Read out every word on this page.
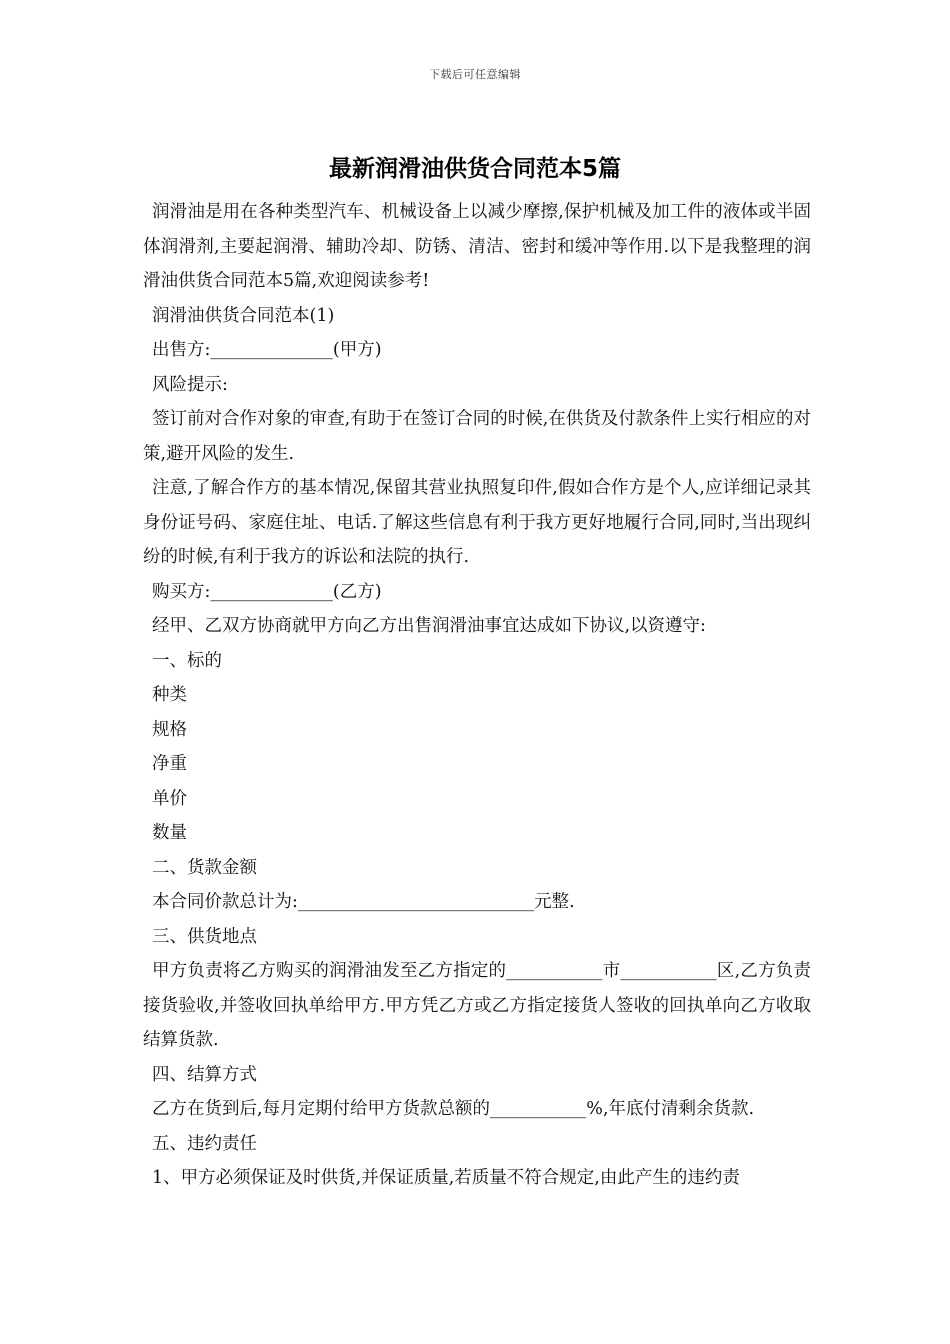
下载后可任意编辑
最新润滑油供货合同范本5篇

润滑油是用在各种类型汽车、机械设备上以减少摩擦,保护机械及加工件的液体或半固体润滑剂,主要起润滑、辅助冷却、防锈、清洁、密封和缓冲等作用.以下是我整理的润滑油供货合同范本5篇,欢迎阅读参考!

润滑油供货合同范本(1)

出售方:______________(甲方)

风险提示:

签订前对合作对象的审查,有助于在签订合同的时候,在供货及付款条件上实行相应的对策,避开风险的发生.

注意,了解合作方的基本情况,保留其营业执照复印件,假如合作方是个人,应详细记录其身份证号码、家庭住址、电话.了解这些信息有利于我方更好地履行合同,同时,当出现纠纷的时候,有利于我方的诉讼和法院的执行.

购买方:______________(乙方)

经甲、乙双方协商就甲方向乙方出售润滑油事宜达成如下协议,以资遵守:

一、标的

种类

规格

净重

单价

数量

二、货款金额

本合同价款总计为:___________________________元整.

三、供货地点

甲方负责将乙方购买的润滑油发至乙方指定的___________市___________区,乙方负责接货验收,并签收回执单给甲方.甲方凭乙方或乙方指定接货人签收的回执单向乙方收取结算货款.

四、结算方式

乙方在货到后,每月定期付给甲方货款总额的___________%,年底付清剩余货款.

五、违约责任

1、甲方必须保证及时供货,并保证质量,若质量不符合规定,由此产生的违约责
